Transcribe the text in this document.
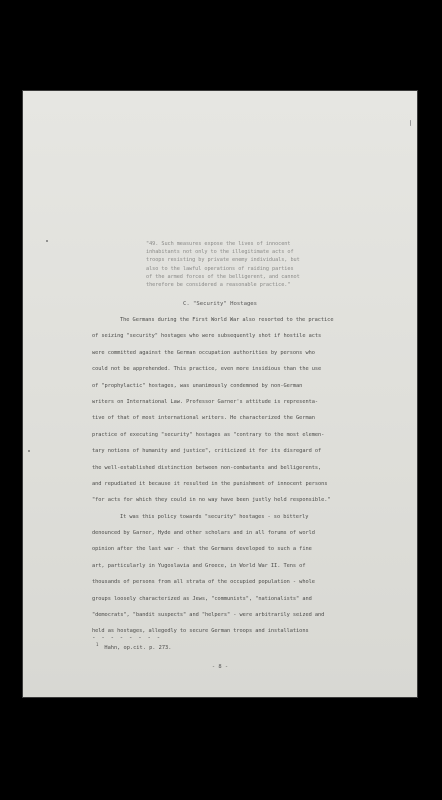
"49. Such measures expose the lives of innocent
inhabitants not only to the illegitimate acts of
troops resisting by private enemy individuals, but
also to the lawful operations of raiding parties
of the armed forces of the belligerent, and cannot
therefore be considered a reasonable practice."
C. "Security" Hostages
The Germans during the First World War also resorted to the practice
of seizing "security" hostages who were subsequently shot if hostile acts
were committed against the German occupation authorities by persons who
could not be apprehended. This practice, even more insidious than the use
of "prophylactic" hostages, was unanimously condemned by non-German
writers on International Law. Professor Garner's attitude is representa-
tive of that of most international writers. He characterized the German
practice of executing "security" hostages as "contrary to the most elemen-
tary notions of humanity and justice", criticized it for its disregard of
the well-established distinction between non-combatants and belligerents,
and repudiated it because it resulted in the punishment of innocent persons
"for acts for which they could in no way have been justly held responsible."
It was this policy towards "security" hostages - so bitterly
denounced by Garner, Hyde and other scholars and in all forums of world
opinion after the last war - that the Germans developed to such a fine
art, particularly in Yugoslavia and Greece, in World War II. Tens of
thousands of persons from all strata of the occupied population - whole
groups loosely characterized as Jews, "communists", "nationalists" and
"democrats", "bandit suspects" and "helpers" - were arbitrarily seized and
held as hostages, allegedly to secure German troops and installations
- - - - - - - -
$^1$Hahn, op.cit. p. 273.
- 8 -
